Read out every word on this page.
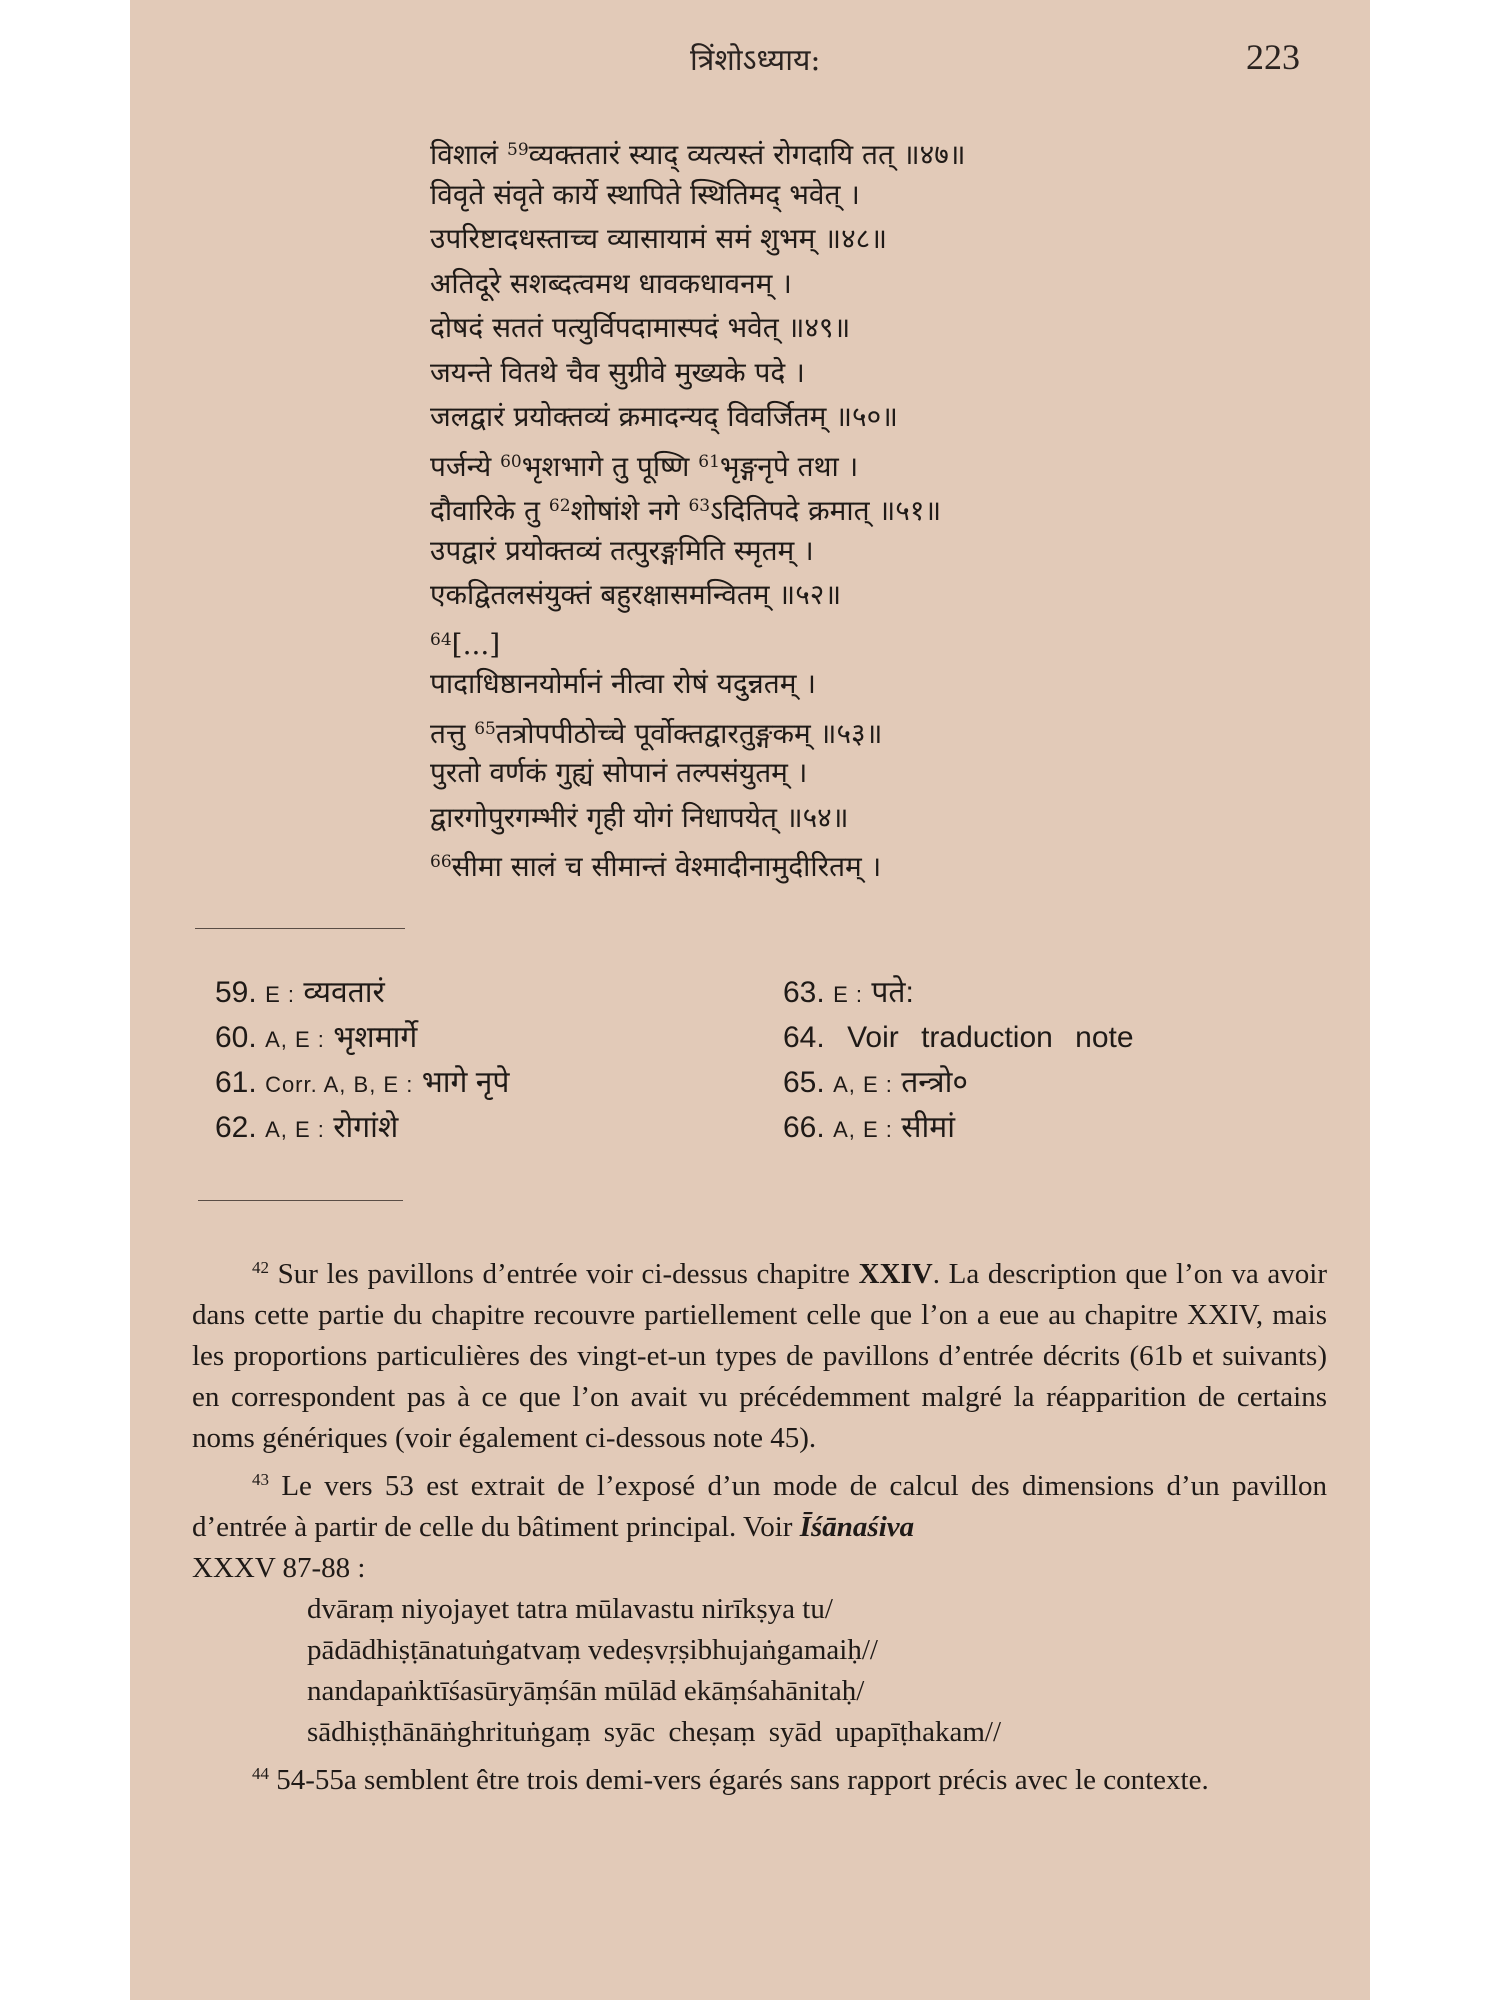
त्रिंशोऽध्याय:	223
विशालं $^{59}$व्यक्ततारं स्याद् व्यत्यस्तं रोगदायि तत् ॥४७॥
विवृते संवृते कार्ये स्थापिते स्थितिमद् भवेत् ।
उपरिष्टादधस्ताच्च व्यासायामं समं शुभम् ॥४८॥
अतिदूरे सशब्दत्वमथ धावकधावनम् ।
दोषदं सततं पत्युर्विपदामास्पदं भवेत् ॥४९॥
जयन्ते वितथे चैव सुग्रीवे मुख्यके पदे ।
जलद्वारं प्रयोक्तव्यं क्रमादन्यद् विवर्जितम् ॥५०॥
पर्जन्ये $^{60}$भृशभागे तु पूष्णि $^{61}$भृङ्गनृपे तथा ।
दौवारिके तु $^{62}$शोषांशे नगे $^{63}$ऽदितिपदे क्रमात् ॥५१॥
उपद्वारं प्रयोक्तव्यं तत्पुरङ्गमिति स्मृतम् ।
एकद्वितलसंयुक्तं बहुरक्षासमन्वितम् ॥५२॥
$^{64}$[...]
पादाधिष्ठानयोर्मानं नीत्वा रोषं यदुन्नतम् ।
तत्तु $^{65}$तत्रोपपीठोच्चे पूर्वोक्तद्वारतुङ्गकम् ॥५३॥
पुरतो वर्णकं गुह्यं सोपानं तल्पसंयुतम् ।
द्वारगोपुरगम्भीरं गृही योगं निधापयेत् ॥५४॥
$^{66}$सीमा सालं च सीमान्तं वेश्मादीनामुदीरितम् ।
59. E : व्यवतारं
60. A, E : भृशमार्गे
61. Corr. A, B, E : भागे नृपे
62. A, E : रोगांशे
63. E : पते:
64. Voir traduction note
65. A, E : तन्त्रो०
66. A, E : सीमां

$^{42}$ Sur les pavillons d’entrée voir ci-dessus chapitre XXIV. La description que l’on va avoir dans cette partie du chapitre recouvre partiellement celle que l’on a eue au chapitre XXIV, mais les proportions particulières des vingt-et-un types de pavillons d’entrée décrits (61b et suivants) en correspondent pas à ce que l’on avait vu précédemment malgré la réapparition de certains noms génériques (voir également ci-dessous note 45).

$^{43}$ Le vers 53 est extrait de l’exposé d’un mode de calcul des dimensions d’un pavillon d’entrée à partir de celle du bâtiment principal. Voir Īśānaśiva
XXXV 87-88 :

dvāraṃ niyojayet tatra mūlavastu nirīkṣya tu/
pādādhiṣṭānatuṅgatvaṃ vedeṣvṛṣibhujaṅgamaiḥ//
nandapaṅktīśasūryāṃśān mūlād ekāṃśahānitaḥ/
sādhiṣṭhānāṅghrituṅgaṃ syāc cheṣaṃ syād upapīṭhakam//

$^{44}$ 54-55a semblent être trois demi-vers égarés sans rapport précis avec le contexte.
